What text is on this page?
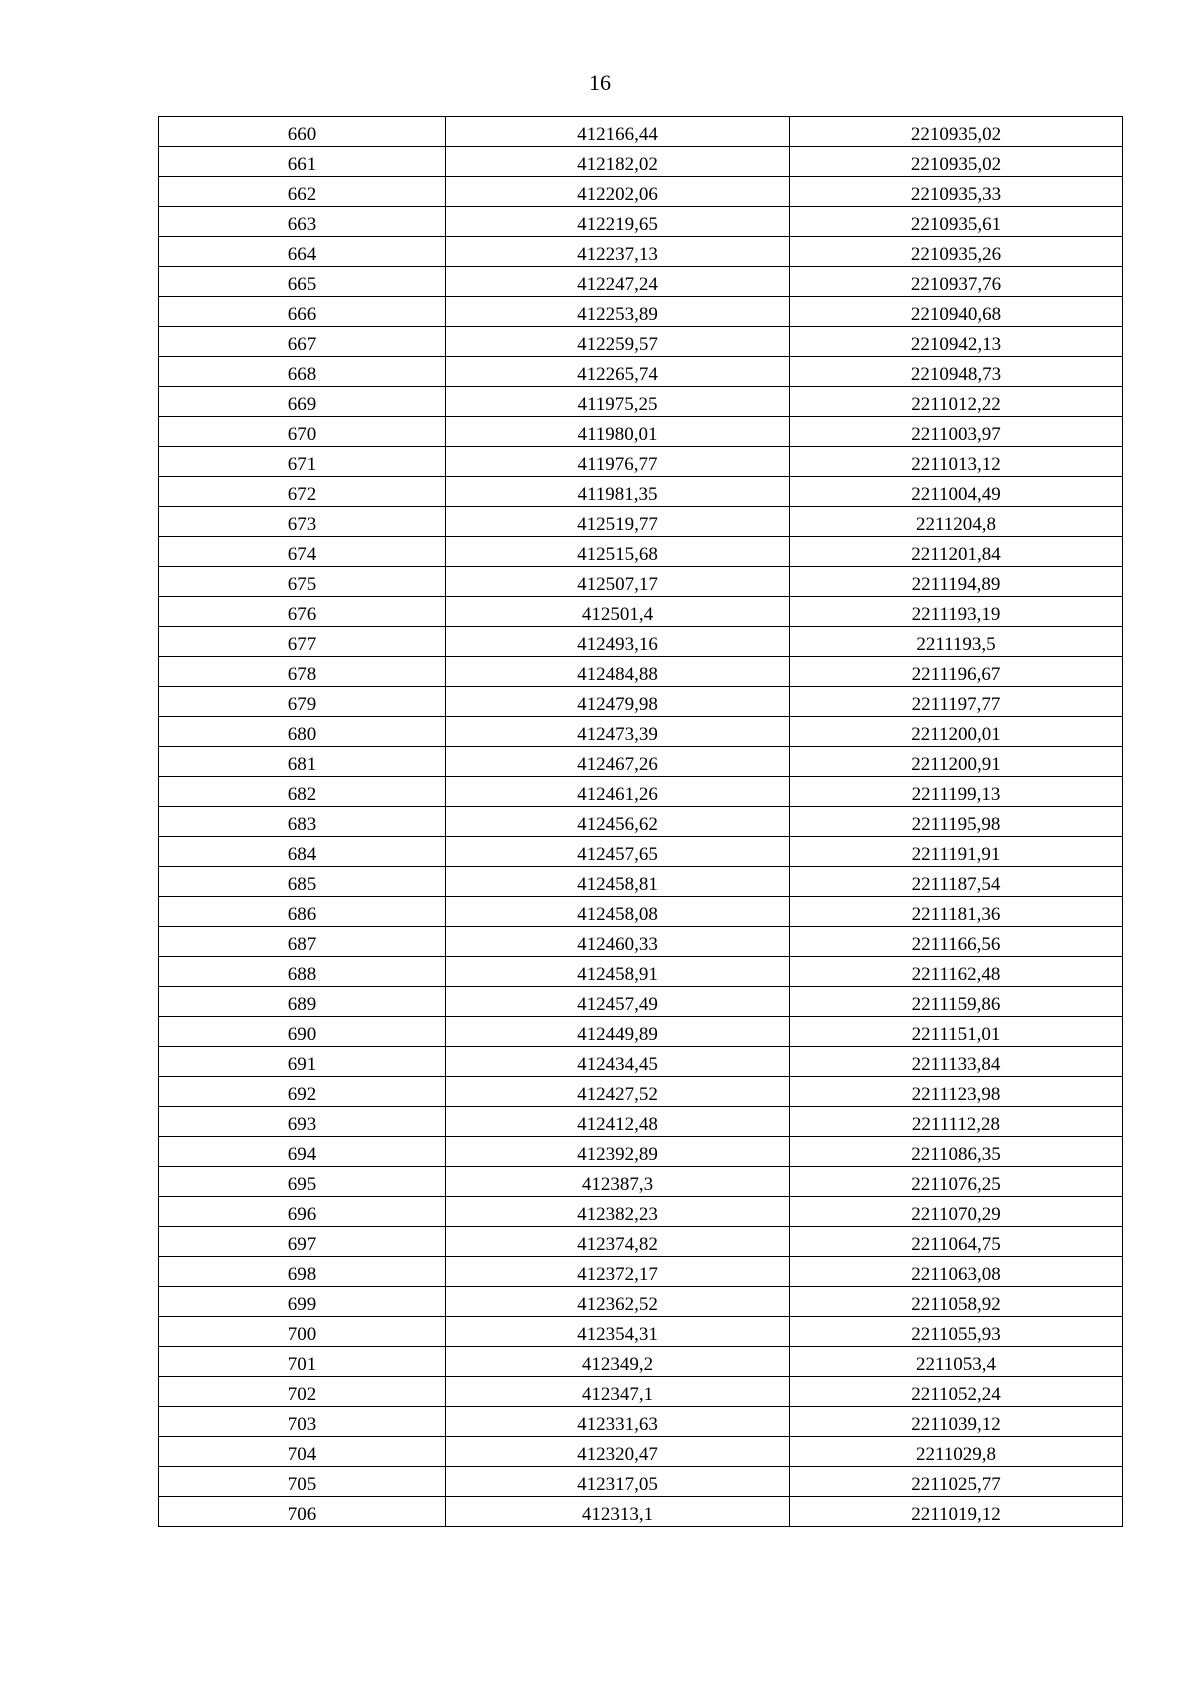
16
660	412166,44	2210935,02
661	412182,02	2210935,02
662	412202,06	2210935,33
663	412219,65	2210935,61
664	412237,13	2210935,26
665	412247,24	2210937,76
666	412253,89	2210940,68
667	412259,57	2210942,13
668	412265,74	2210948,73
669	411975,25	2211012,22
670	411980,01	2211003,97
671	411976,77	2211013,12
672	411981,35	2211004,49
673	412519,77	2211204,8
674	412515,68	2211201,84
675	412507,17	2211194,89
676	412501,4	2211193,19
677	412493,16	2211193,5
678	412484,88	2211196,67
679	412479,98	2211197,77
680	412473,39	2211200,01
681	412467,26	2211200,91
682	412461,26	2211199,13
683	412456,62	2211195,98
684	412457,65	2211191,91
685	412458,81	2211187,54
686	412458,08	2211181,36
687	412460,33	2211166,56
688	412458,91	2211162,48
689	412457,49	2211159,86
690	412449,89	2211151,01
691	412434,45	2211133,84
692	412427,52	2211123,98
693	412412,48	2211112,28
694	412392,89	2211086,35
695	412387,3	2211076,25
696	412382,23	2211070,29
697	412374,82	2211064,75
698	412372,17	2211063,08
699	412362,52	2211058,92
700	412354,31	2211055,93
701	412349,2	2211053,4
702	412347,1	2211052,24
703	412331,63	2211039,12
704	412320,47	2211029,8
705	412317,05	2211025,77
706	412313,1	2211019,12
